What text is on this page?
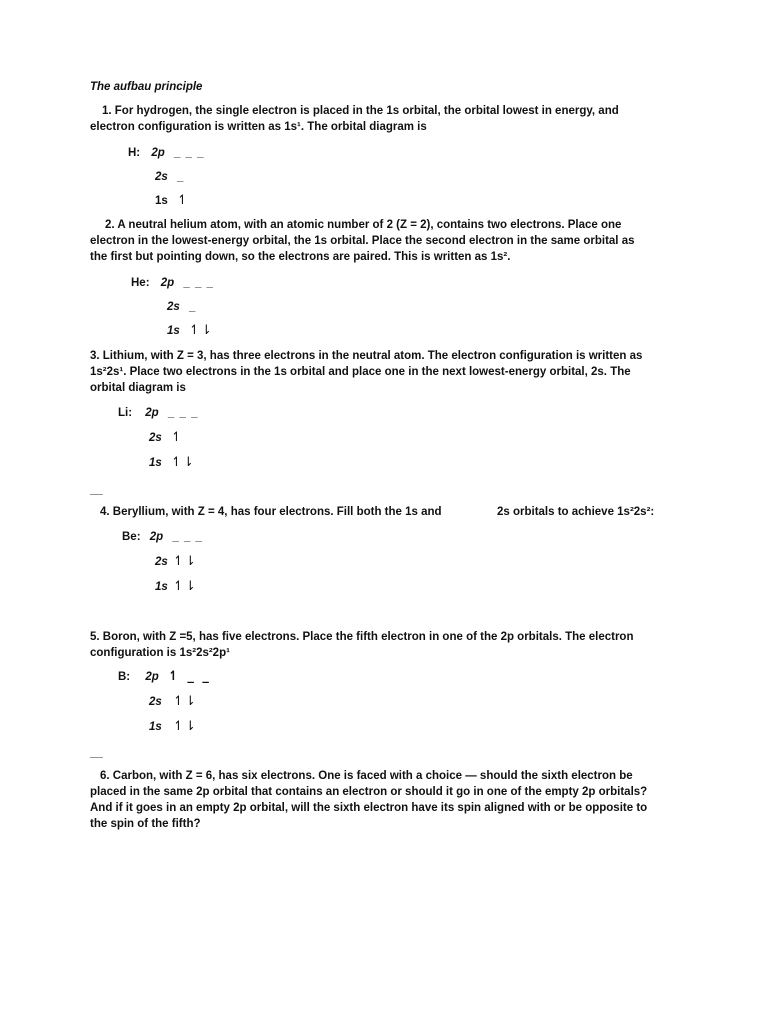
The aufbau principle
1. For hydrogen, the single electron is placed in the 1s orbital, the orbital lowest in energy, and
electron configuration is written as 1s¹. The orbital diagram is
H: 2p _ _ _
2s _
1s ↿
2. A neutral helium atom, with an atomic number of 2 (Z = 2), contains two electrons. Place one
electron in the lowest-energy orbital, the 1s orbital. Place the second electron in the same orbital as
the first but pointing down, so the electrons are paired. This is written as 1s².
He: 2p _ _ _
2s _
1s ↿⇂
3. Lithium, with Z = 3, has three electrons in the neutral atom. The electron configuration is written as
1s²2s¹. Place two electrons in the 1s orbital and place one in the next lowest-energy orbital, 2s. The
orbital diagram is
Li: 2p _ _ _
2s ↿
1s ↿⇂
__
4. Beryllium, with Z = 4, has four electrons. Fill both the 1s and	2s orbitals to achieve 1s²2s²:
Be: 2p _ _ _
2s ↿⇂
1s ↿⇂
5. Boron, with Z =5, has five electrons. Place the fifth electron in one of the 2p orbitals. The electron
configuration is 1s²2s²2p¹
B: 2p ↿ _ _
2s ↿⇂
1s ↿⇂
__
6. Carbon, with Z = 6, has six electrons. One is faced with a choice — should the sixth electron be
placed in the same 2p orbital that contains an electron or should it go in one of the empty 2p orbitals?
And if it goes in an empty 2p orbital, will the sixth electron have its spin aligned with or be opposite to
the spin of the fifth?
